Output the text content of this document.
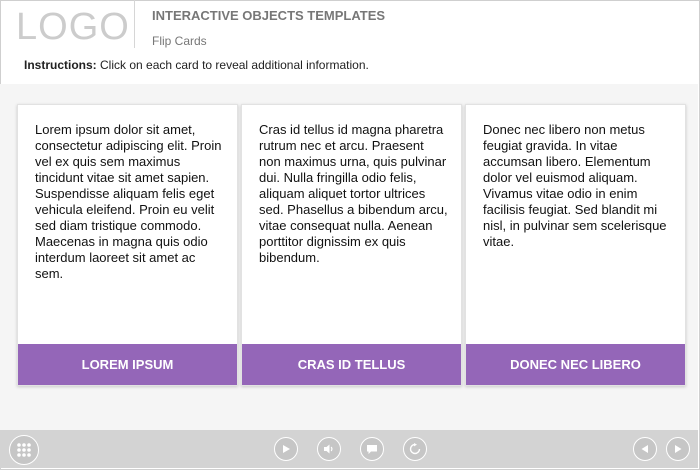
LOGO INTERACTIVE OBJECTS TEMPLATES
Flip Cards
Instructions: Click on each card to reveal additional information.
Lorem ipsum dolor sit amet, consectetur adipiscing elit. Proin vel ex quis sem maximus tincidunt vitae sit amet sapien. Suspendisse aliquam felis eget vehicula eleifend. Proin eu velit sed diam tristique commodo. Maecenas in magna quis odio interdum laoreet sit amet ac sem.
LOREM IPSUM
Cras id tellus id magna pharetra rutrum nec et arcu. Praesent non maximus urna, quis pulvinar dui. Nulla fringilla odio felis, aliquam aliquet tortor ultrices sed. Phasellus a bibendum arcu, vitae consequat nulla. Aenean porttitor dignissim ex quis bibendum.
CRAS ID TELLUS
Donec nec libero non metus feugiat gravida. In vitae accumsan libero. Elementum dolor vel euismod aliquam. Vivamus vitae odio in enim facilisis feugiat. Sed blandit mi nisl, in pulvinar sem scelerisque vitae.
DONEC NEC LIBERO
